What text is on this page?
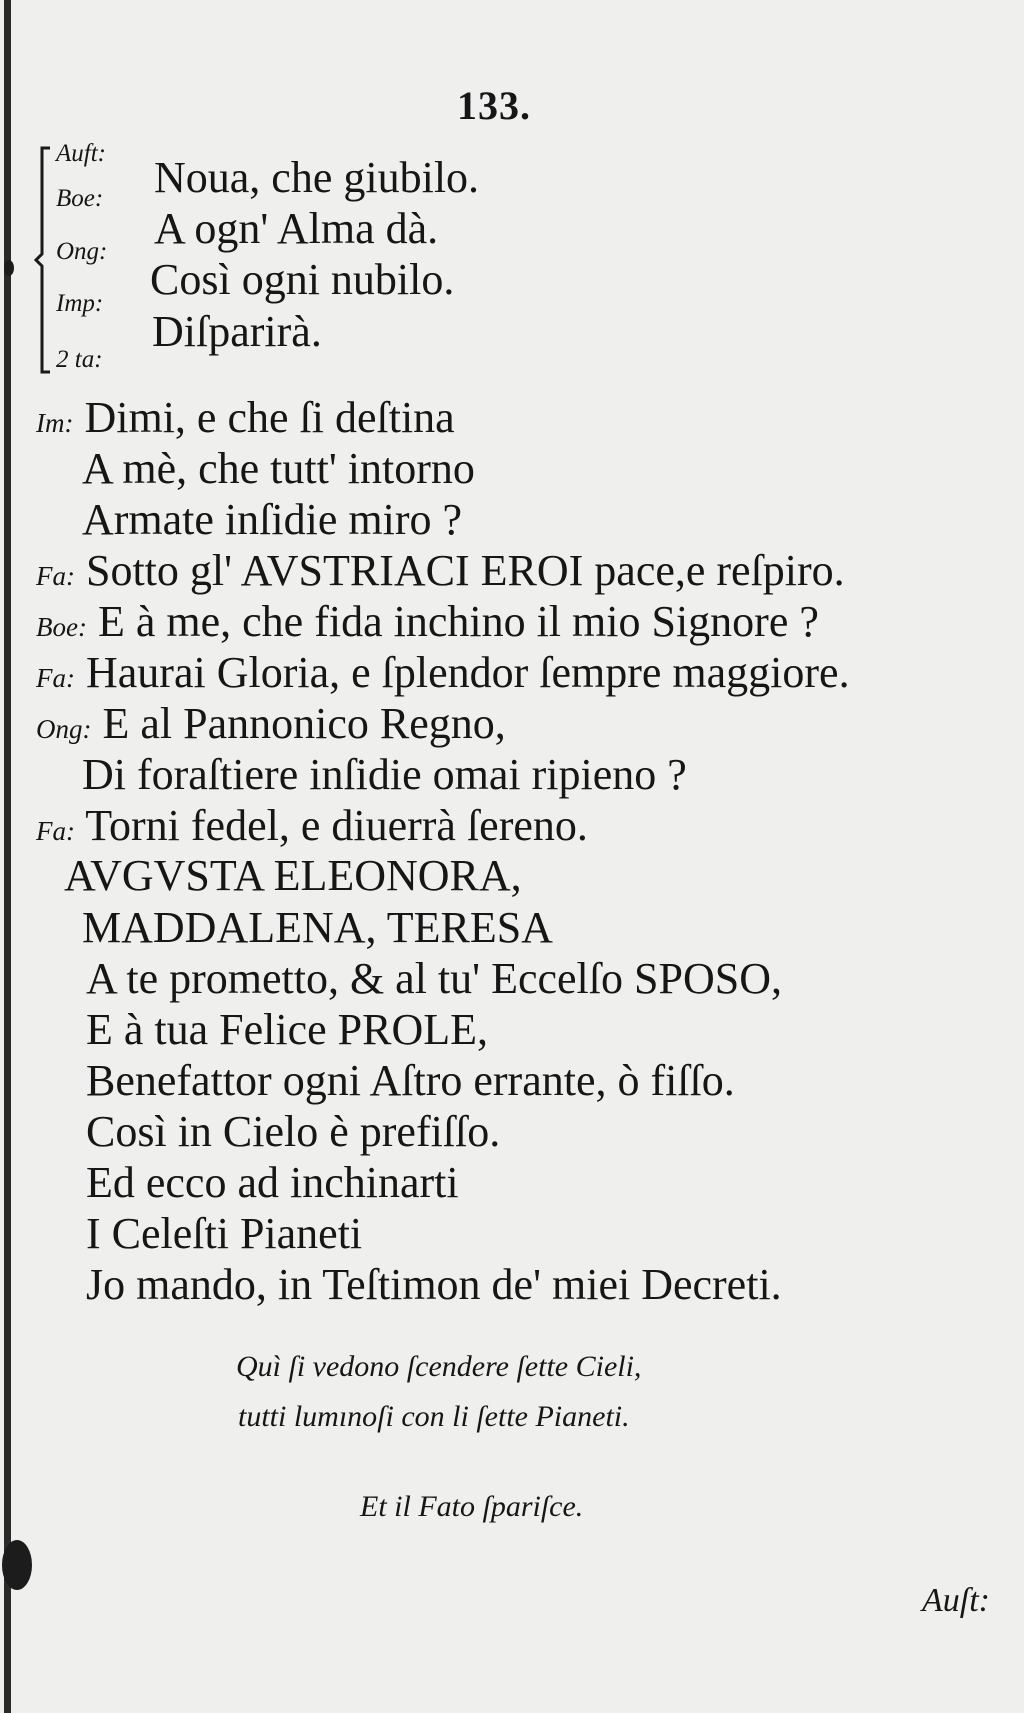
133.
Auft:
Boe:
Ong:
Imp:
2 ta:
Noua, che giubilo.
A ogn' Alma dà.
Così ogni nubilo.
Diſparirà.
Im: Dimi, e che ſi deſtina
A mè, che tutt' intorno
Armate inſidie miro ?
Fa: Sotto gl' AVSTRIACI EROI pace,e reſpiro.
Boe: E à me, che fida inchino il mio Signore ?
Fa: Haurai Gloria, e ſplendor ſempre maggiore.
Ong: E al Pannonico Regno,
Di foraſtiere inſidie omai ripieno ?
Fa: Torni fedel, e diuerrà ſereno.
AVGVSTA ELEONORA,
MADDALENA, TERESA
A te prometto, & al tu' Eccelſo SPOSO,
E à tua Felice PROLE,
Benefattor ogni Aſtro errante, ò fiſſo.
Così in Cielo è prefiſſo.
Ed ecco ad inchinarti
I Celeſti Pianeti
Jo mando, in Teſtimon de' miei Decreti.
Quì ſi vedono ſcendere ſette Cieli,
tutti lumınoſi con li ſette Pianeti.
Et il Fato ſpariſce.
Auſt:
